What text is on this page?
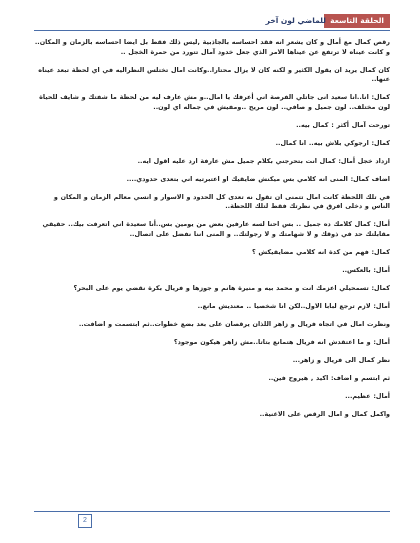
الحلقة التاسعة
للماضي لون آخر

رقص كمال مع أمال و كان يشعر انه فقد احساسه بالجاذبية ,ليس ذلك فقط بل ايضا احساسه بالزمان و المكان.. و كانت عيناه لا ترتفع عن عيناها الامر الذي جعل خدود آمال تتورد من حمرة الخجل ..

كان كمال يريد ان يقول الكثير و لكنه كان لا يزال محتارا..وكانت امال تختلس النظراليه في اي لحظة تبعد عيناه عنها..

كمال: انا..انا سعيد انى جاتلي الفرصة اني أعرفك يا امال..و مش عارف ليه من لحظة ما شفتك و شايف للحياة لون مختلف.. لون جميل و صافي.. لون مريح ..ومفيش في جماله اي لون..

تورحت آمال أكثر : كمال بيه..

كمال: ارجوكي بلاش بيه.. انا كمال..

ازداد خجل أمال: كمال انت بتحرجني بكلام جميل مش عارفة ارد عليه اقول ايه..

اضاف كمال: المنى انه كلامي بس ميكنش ضايقيك او اعتبرتيه اني بتعدى حدودي....

في تلك اللحظة كانت امال تتمنى ان تقول نه تعدى كل الحدود و الاسوار و انسي معالم الزمان و المكان و الناس و دخلى افرق في نظرتك فقط لتلك اللحظة..

أمال: كمال كلامك ده جميل .. بس احنا لسه عارفين بعض من يومين بس..أنا سعيدة اني اتعرفت بيك.. حقيقي مقابلتك حد في ذوقك و لا شهامتك و لا رجولتك.. و المنى اننا نفضل على اتصال..

كمال: فهم من كدة انه كلامي مضايقيكش ؟

أمال: بالعكس..

كمال: تسمحيلي اعزمك انت و محمد بيه و منيرة هانم و جوزها و فريال بكرة نقضي يوم على البحر؟

أمال: لازم ترجع لبابا الاول..لكن انا شخصيا .. معنديش مانع..

ونظرت امال في اتجاه فريال و زاهر اللذان يرقصان على بعد بضع خطوات..ثم ابتسمت و اضافت..

أمال: و ما اعتقدش انه فريال هتمانع بتاتا..مش زاهر هيكون موجود؟

نظر كمال الى فريال و زاهر...

ثم ابتسم و اضاف: اكيد , هيروح فين..

أمال: عظيم...

واكمل كمال و امال الرقص على الاغنية..

2
